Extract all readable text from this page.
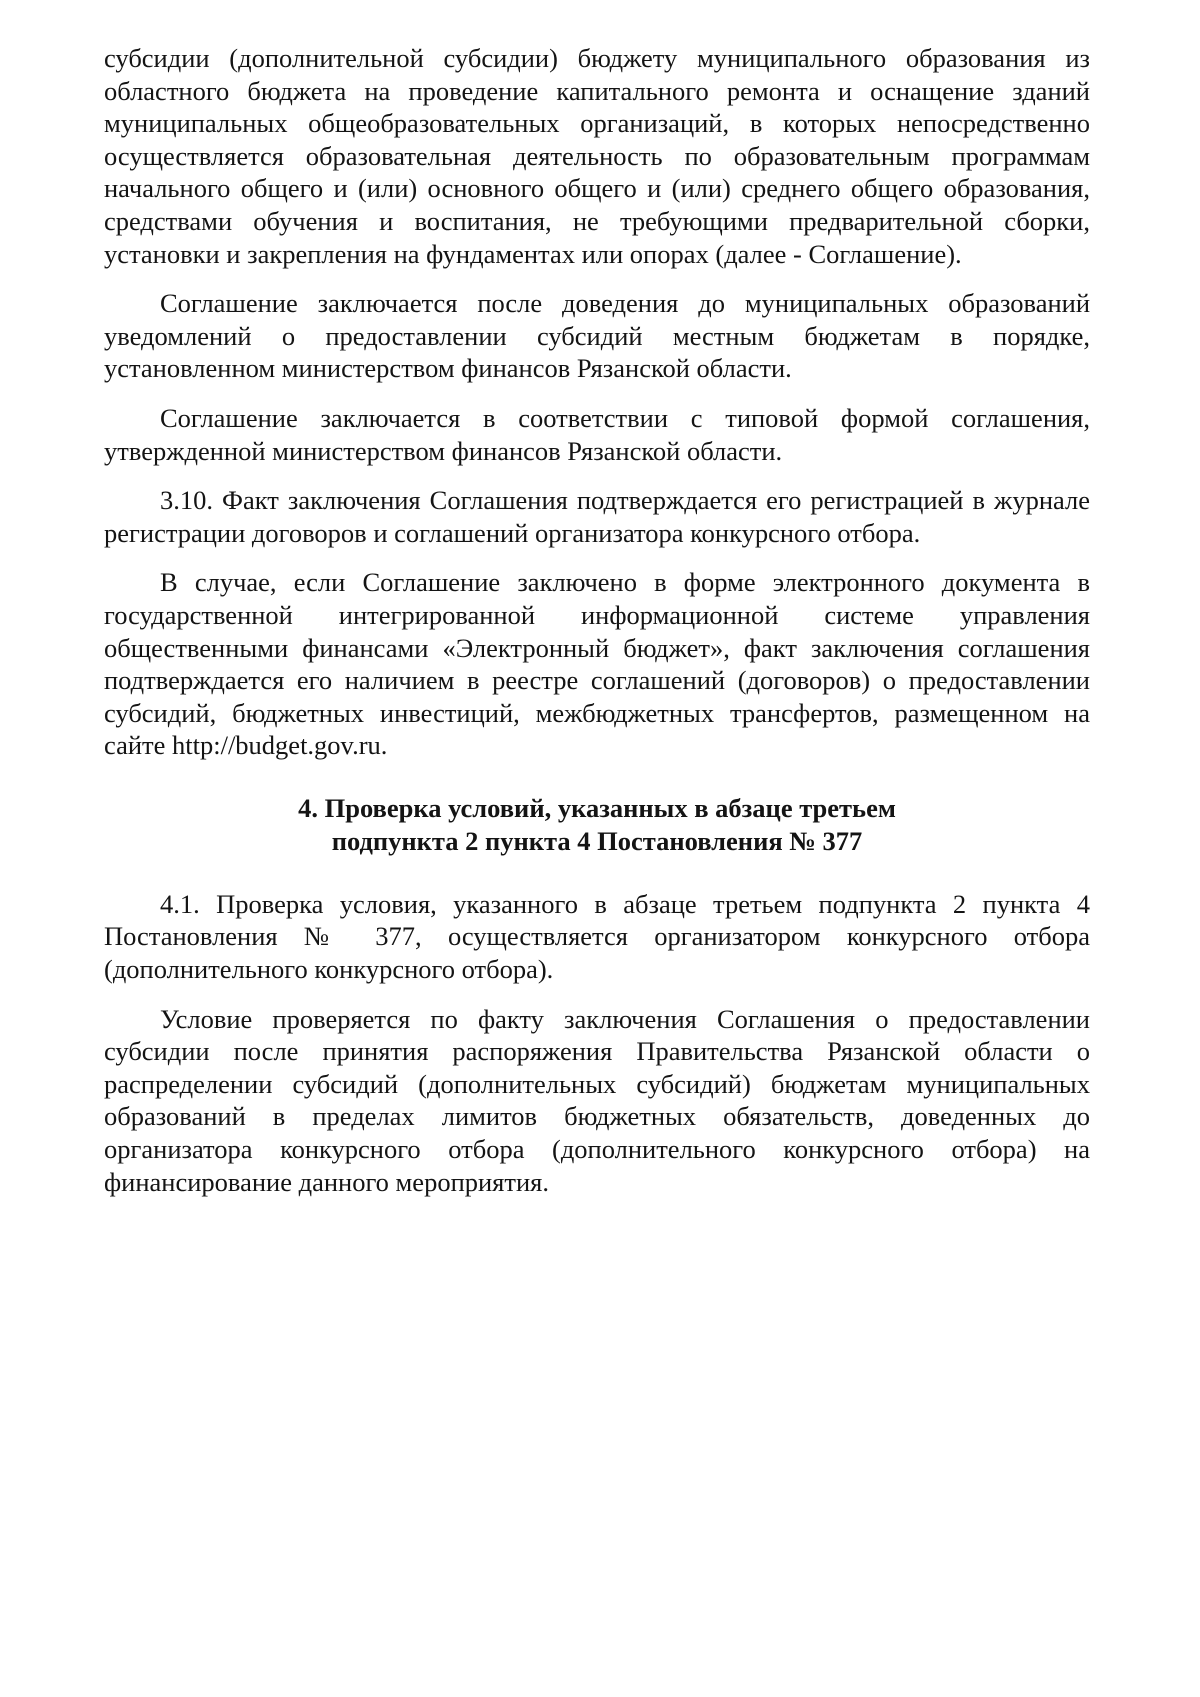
субсидии (дополнительной субсидии) бюджету муниципального образования из областного бюджета на проведение капитального ремонта и оснащение зданий муниципальных общеобразовательных организаций, в которых непосредственно осуществляется образовательная деятельность по образовательным программам начального общего и (или) основного общего и (или) среднего общего образования, средствами обучения и воспитания, не требующими предварительной сборки, установки и закрепления на фундаментах или опорах (далее - Соглашение).

Соглашение заключается после доведения до муниципальных образований уведомлений о предоставлении субсидий местным бюджетам в порядке, установленном министерством финансов Рязанской области.

Соглашение заключается в соответствии с типовой формой соглашения, утвержденной министерством финансов Рязанской области.

3.10. Факт заключения Соглашения подтверждается его регистрацией в журнале регистрации договоров и соглашений организатора конкурсного отбора.

В случае, если Соглашение заключено в форме электронного документа в государственной интегрированной информационной системе управления общественными финансами «Электронный бюджет», факт заключения соглашения подтверждается его наличием в реестре соглашений (договоров) о предоставлении субсидий, бюджетных инвестиций, межбюджетных трансфертов, размещенном на сайте http://budget.gov.ru.

4. Проверка условий, указанных в абзаце третьем
подпункта 2 пункта 4 Постановления № 377

4.1. Проверка условия, указанного в абзаце третьем подпункта 2 пункта 4 Постановления № 377, осуществляется организатором конкурсного отбора (дополнительного конкурсного отбора).

Условие проверяется по факту заключения Соглашения о предоставлении субсидии после принятия распоряжения Правительства Рязанской области о распределении субсидий (дополнительных субсидий) бюджетам муниципальных образований в пределах лимитов бюджетных обязательств, доведенных до организатора конкурсного отбора (дополнительного конкурсного отбора) на финансирование данного мероприятия.
